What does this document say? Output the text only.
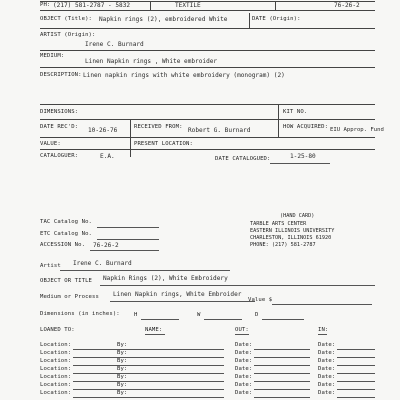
PH: (217) 581-2787 - 5832	TEXTILE	76-26-2
OBJECT (Title): Napkin rings (2), embroidered White	DATE (Origin):
ARTIST (Origin):
Irene C. Burnard
MEDIUM:
Linen Napkin rings , White embroider
DESCRIPTION: Linen napkin rings with white embroidery (monogram) (2)
DIMENSIONS:	KIT NO.
DATE REC'D: 10-26-76	RECEIVED FROM: Robert G. Burnard	HOW ACQUIRED: EIU Approp. Fund
VALUE:	PRESENT LOCATION:
CATALOGUER:	E.A.	DATE CATALOGUED:	1-25-80
TAC Catalog No.
ETC Catalog No.
ACCESSION No. 76-26-2
(HAND CARD)
TARBLE ARTS CENTER
EASTERN ILLINOIS UNIVERSITY
CHARLESTON, ILLINOIS 61920
PHONE: (217) 581-2787
Artist Irene C. Burnard
OBJECT OR TITLE Napkin Rings (2), White Embroidery
Medium or Process Linen Napkin rings, White Embroider
Value $
Dimensions (in inches):	H	W	D
LOANED TO:	NAME:	OUT:	IN:
Location:	By:	Date:	Date:
Location:	By:	Date:	Date:
Location:	By:	Date:	Date:
Location:	By:	Date:	Date:
Location:	By:	Date:	Date:
Location:	By:	Date:	Date:
Location:	By:	Date:	Date:
